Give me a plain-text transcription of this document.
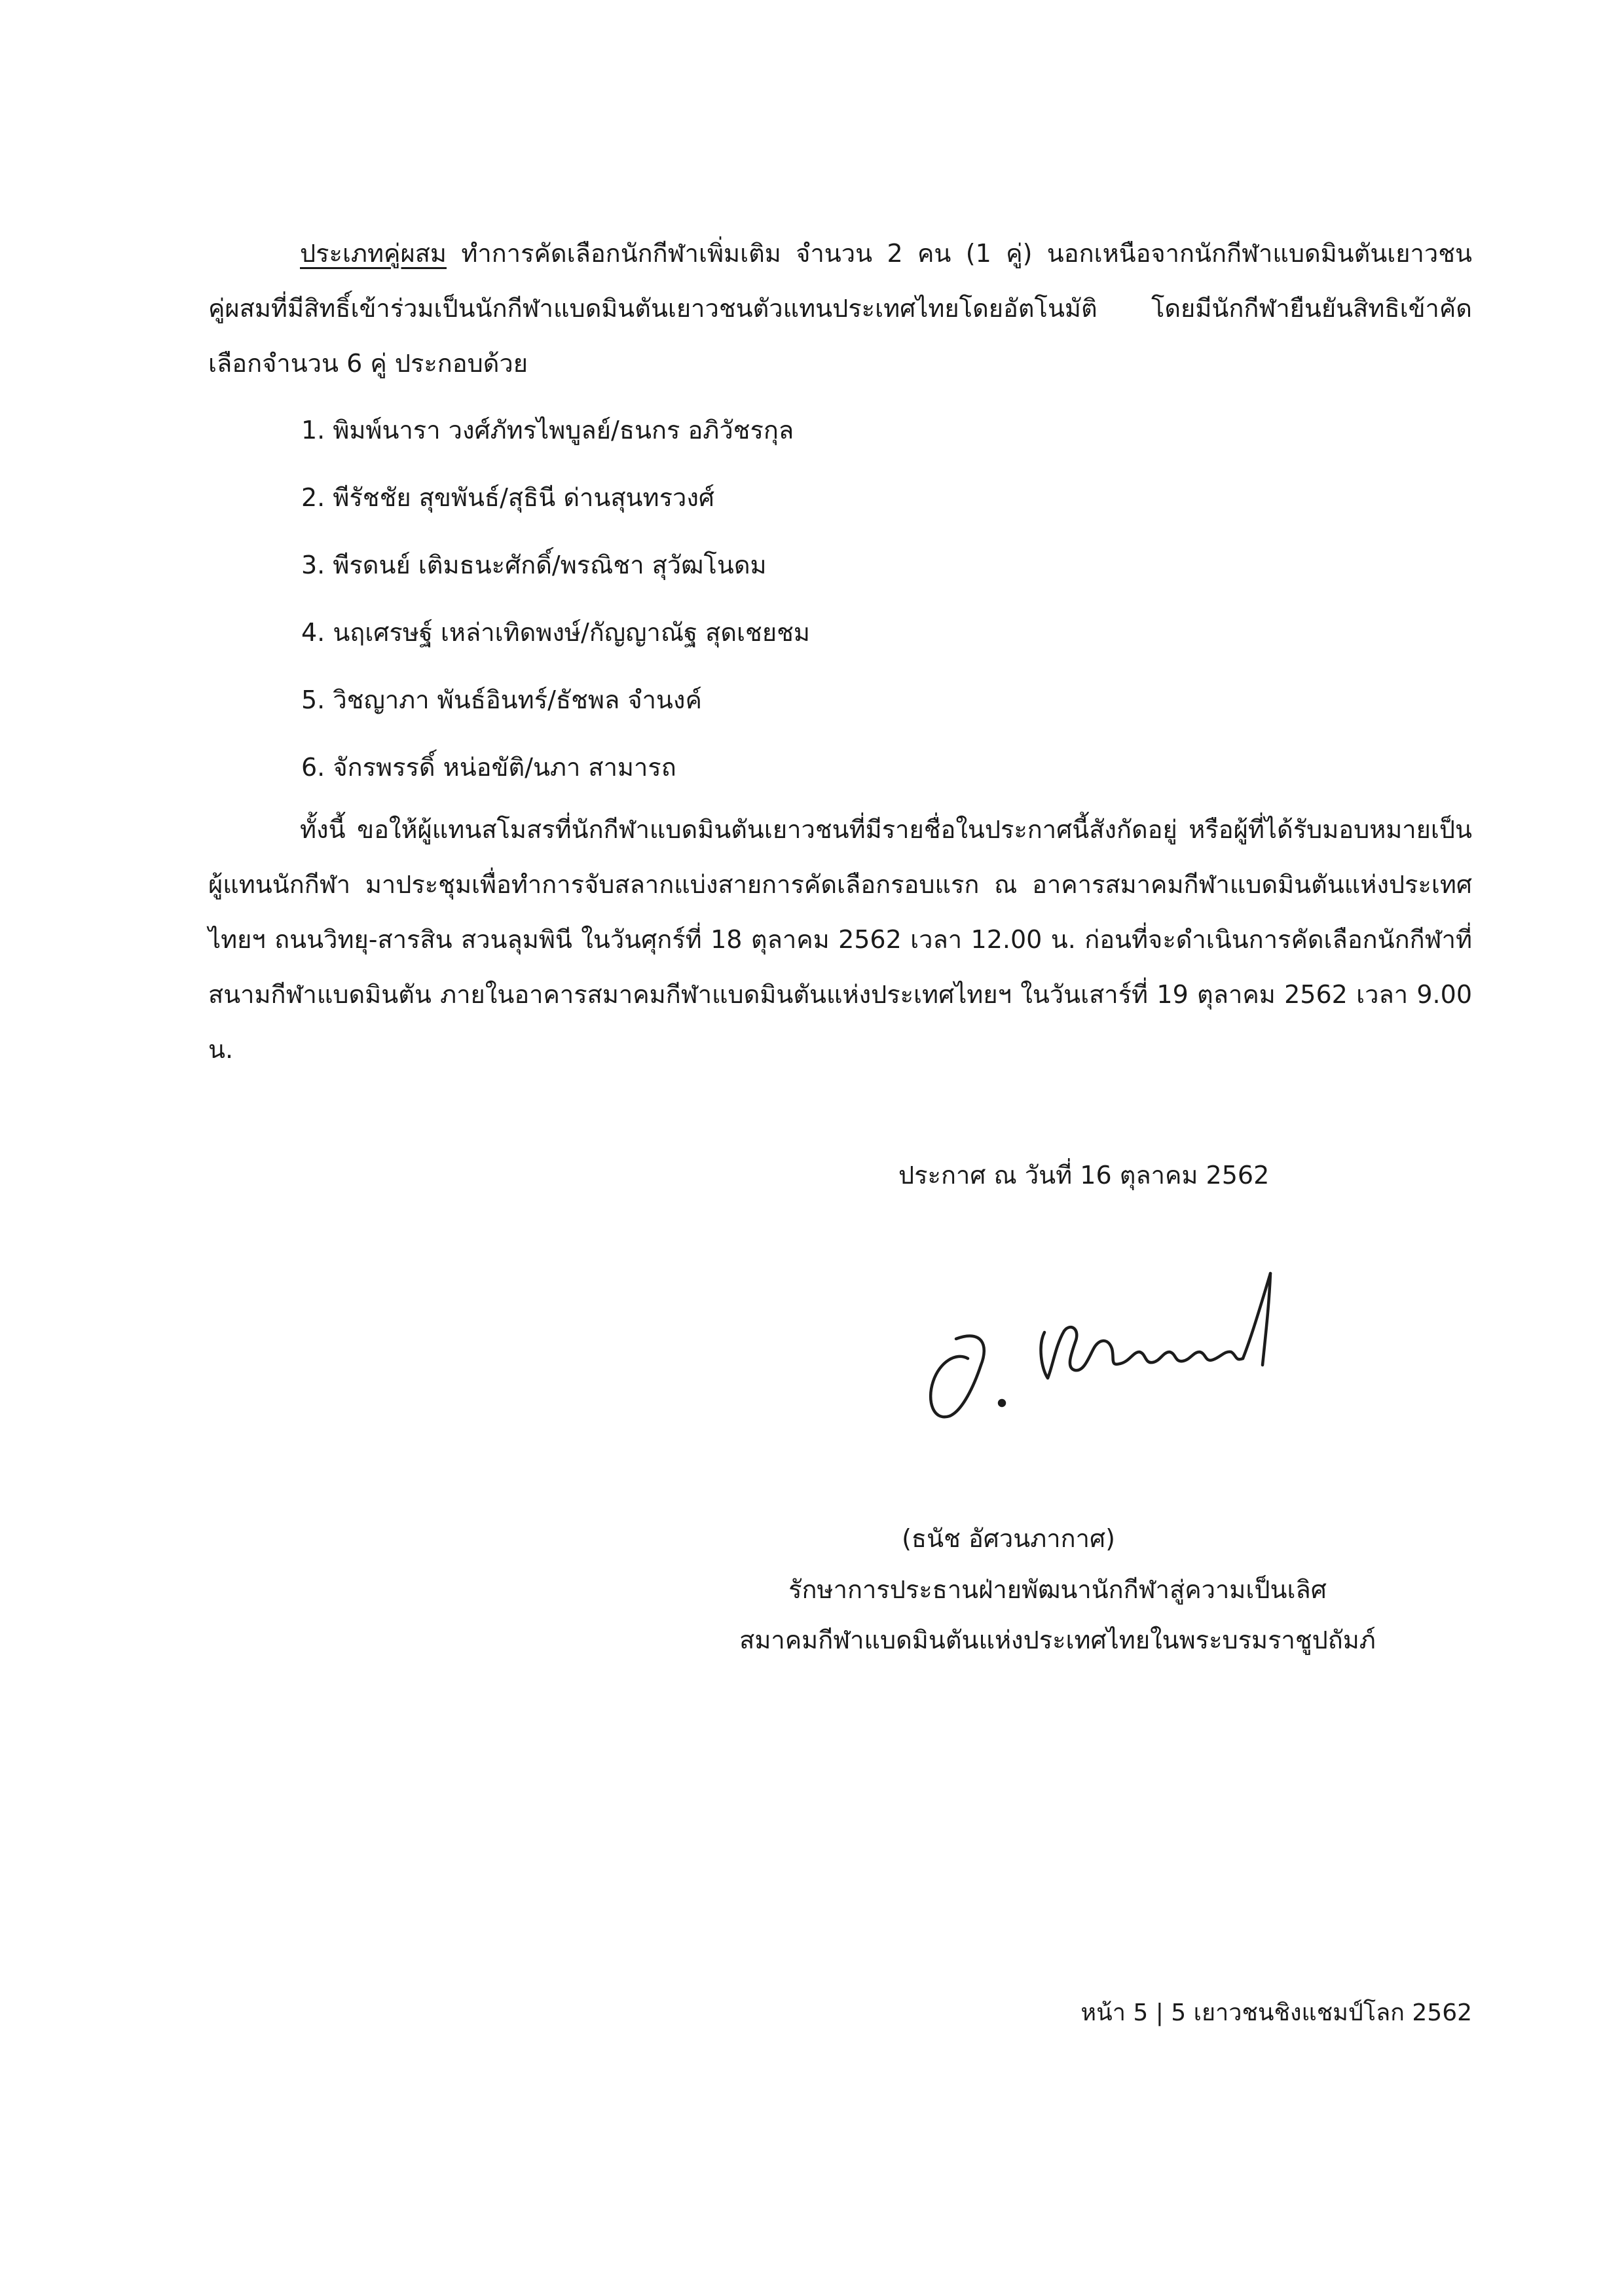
ประเภทคู่ผสม ทำการคัดเลือกนักกีฬาเพิ่มเติม จำนวน 2 คน (1 คู่) นอกเหนือจากนักกีฬาแบดมินตันเยาวชนคู่ผสมที่มีสิทธิ์เข้าร่วมเป็นนักกีฬาแบดมินตันเยาวชนตัวแทนประเทศไทยโดยอัตโนมัติ โดยมีนักกีฬายืนยันสิทธิเข้าคัดเลือกจำนวน 6 คู่ ประกอบด้วย

1. พิมพ์นารา วงศ์ภัทรไพบูลย์/ธนกร อภิวัชรกุล
2. พีรัชชัย สุขพันธ์/สุธินี ด่านสุนทรวงศ์
3. พีรดนย์ เติมธนะศักดิ์/พรณิชา สุวัฒโนดม
4. นฤเศรษฐ์ เหล่าเทิดพงษ์/กัญญาณัฐ สุดเชยชม
5. วิชญาภา พันธ์อินทร์/ธัชพล จำนงค์
6. จักรพรรดิ์ หน่อขัติ/นภา สามารถ

ทั้งนี้ ขอให้ผู้แทนสโมสรที่นักกีฬาแบดมินตันเยาวชนที่มีรายชื่อในประกาศนี้สังกัดอยู่ หรือผู้ที่ได้รับมอบหมายเป็นผู้แทนนักกีฬา มาประชุมเพื่อทำการจับสลากแบ่งสายการคัดเลือกรอบแรก ณ อาคารสมาคมกีฬาแบดมินตันแห่งประเทศไทยฯ ถนนวิทยุ-สารสิน สวนลุมพินี ในวันศุกร์ที่ 18 ตุลาคม 2562 เวลา 12.00 น. ก่อนที่จะดำเนินการคัดเลือกนักกีฬาที่สนามกีฬาแบดมินตัน ภายในอาคารสมาคมกีฬาแบดมินตันแห่งประเทศไทยฯ ในวันเสาร์ที่ 19 ตุลาคม 2562 เวลา 9.00 น.

ประกาศ ณ วันที่ 16 ตุลาคม 2562
(ธนัช อัศวนภากาศ)
รักษาการประธานฝ่ายพัฒนานักกีฬาสู่ความเป็นเลิศ
สมาคมกีฬาแบดมินตันแห่งประเทศไทยในพระบรมราชูปถัมภ์
หน้า 5 | 5 เยาวชนชิงแชมป์โลก 2562
